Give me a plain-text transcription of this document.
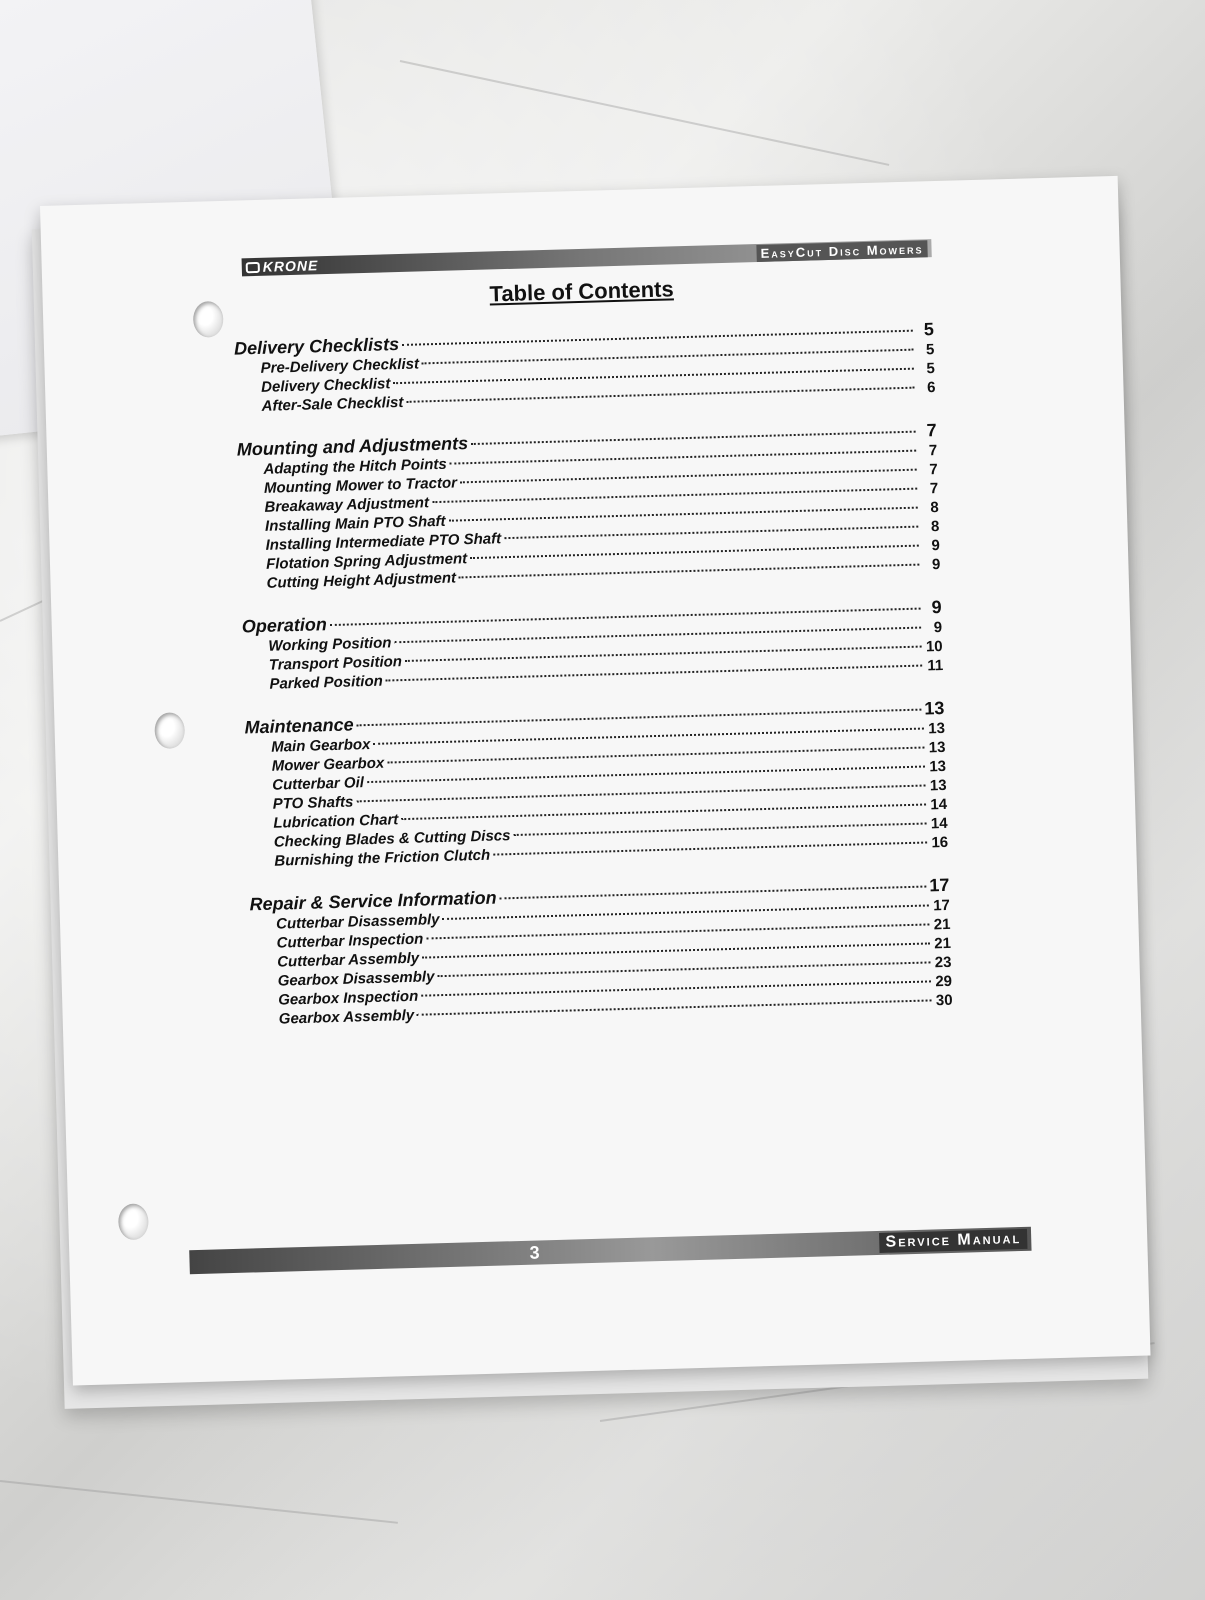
KRONE
EasyCut Disc Mowers
Table of Contents
Delivery Checklists
5
Pre-Delivery Checklist
5
Delivery Checklist
5
After-Sale Checklist
6
Mounting and Adjustments
7
Adapting the Hitch Points
7
Mounting Mower to Tractor
7
Breakaway Adjustment
7
Installing Main PTO Shaft
8
Installing Intermediate PTO Shaft
8
Flotation Spring Adjustment
9
Cutting Height Adjustment
9
Operation
9
Working Position
9
Transport Position
10
Parked Position
11
Maintenance
13
Main Gearbox
13
Mower Gearbox
13
Cutterbar Oil
13
PTO Shafts
13
Lubrication Chart
14
Checking Blades & Cutting Discs
14
Burnishing the Friction Clutch
16
Repair & Service Information
17
Cutterbar Disassembly
17
Cutterbar Inspection
21
Cutterbar Assembly
21
Gearbox Disassembly
23
Gearbox Inspection
29
Gearbox Assembly
30
3
Service Manual
